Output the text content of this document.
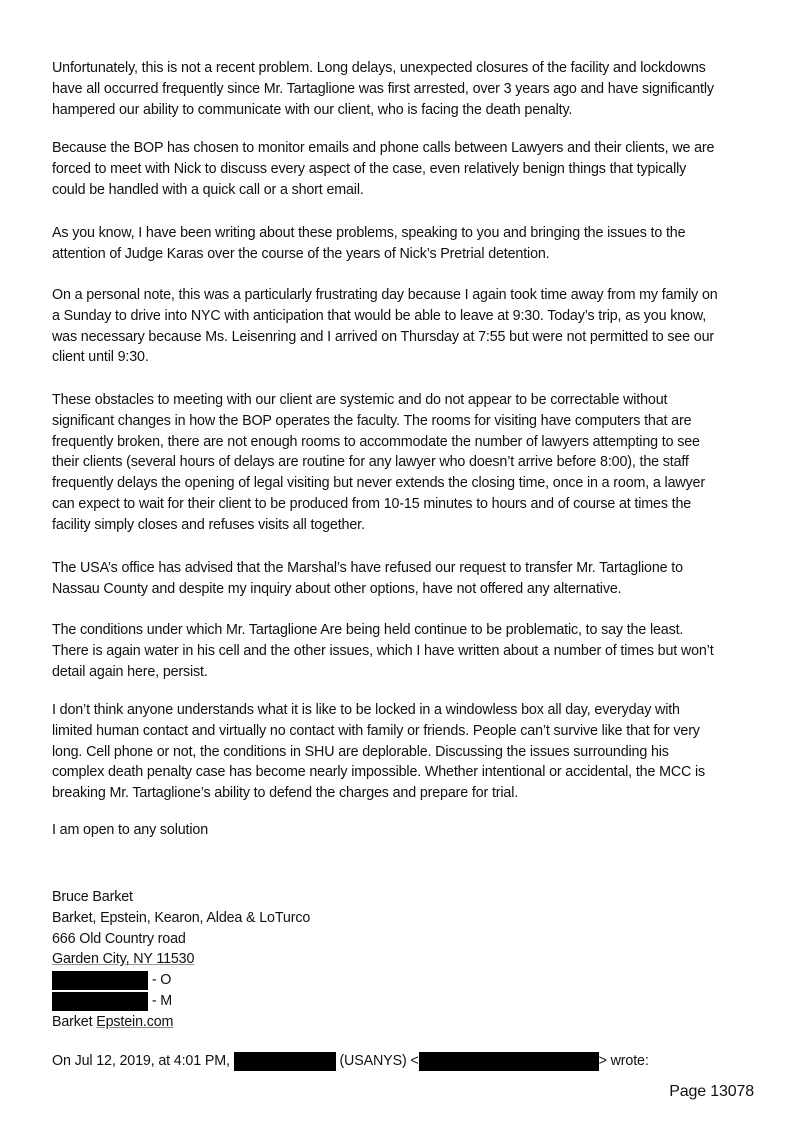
Unfortunately, this is not a recent problem. Long delays, unexpected closures of the facility and lockdowns
have all occurred frequently since Mr. Tartaglione was first arrested, over 3 years ago and have significantly
hampered our ability to communicate with our client, who is facing the death penalty.
Because the BOP has chosen to monitor emails and phone calls between Lawyers and their clients, we are
forced to meet with Nick to discuss every aspect of the case, even relatively benign things that typically
could be handled with a quick call or a short email.
As you know, I have been writing about these problems, speaking to you and bringing the issues to the
attention of Judge Karas over the course of the years of Nick’s Pretrial detention.
On a personal note, this was a particularly frustrating day because I again took time away from my family on
a Sunday to drive into NYC with anticipation that would be able to leave at 9:30. Today’s trip, as you know,
was necessary because Ms. Leisenring and I arrived on Thursday at 7:55 but were not permitted to see our
client until 9:30.
These obstacles to meeting with our client are systemic and do not appear to be correctable without
significant changes in how the BOP operates the faculty. The rooms for visiting have computers that are
frequently broken, there are not enough rooms to accommodate the number of lawyers attempting to see
their clients (several hours of delays are routine for any lawyer who doesn’t arrive before 8:00), the staff
frequently delays the opening of legal visiting but never extends the closing time, once in a room, a lawyer
can expect to wait for their client to be produced from 10-15 minutes to hours and of course at times the
facility simply closes and refuses visits all together.
The USA’s office has advised that the Marshal’s have refused our request to transfer Mr. Tartaglione to
Nassau County and despite my inquiry about other options, have not offered any alternative.
The conditions under which Mr. Tartaglione Are being held continue to be problematic, to say the least.
There is again water in his cell and the other issues, which I have written about a number of times but won’t
detail again here, persist.
I don’t think anyone understands what it is like to be locked in a windowless box all day, everyday with
limited human contact and virtually no contact with family or friends. People can’t survive like that for very
long. Cell phone or not, the conditions in SHU are deplorable. Discussing the issues surrounding his
complex death penalty case has become nearly impossible. Whether intentional or accidental, the MCC is
breaking Mr. Tartaglione’s ability to defend the charges and prepare for trial.
I am open to any solution
Bruce Barket
Barket, Epstein, Kearon, Aldea & LoTurco
666 Old Country road
Garden City, NY 11530
- O
- M
Barket Epstein.com
On Jul 12, 2019, at 4:01 PM,	(USANYS) <	> wrote:
Page 13078
